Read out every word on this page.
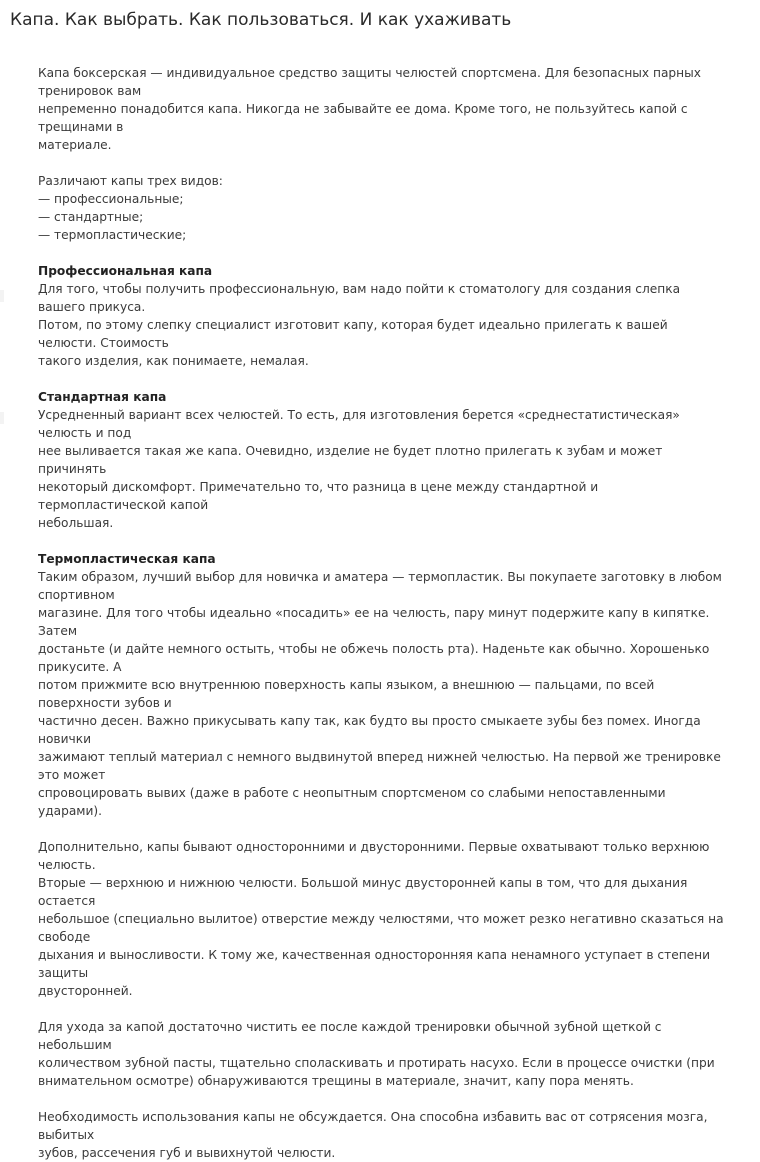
Капа. Как выбрать. Как пользоваться. И как ухаживать

Капа боксерская — индивидуальное средство защиты челюстей спортсмена. Для безопасных парных тренировок вам
непременно понадобится капа. Никогда не забывайте ее дома. Кроме того, не пользуйтесь капой с трещинами в
материале.

Различают капы трех видов:
— профессиональные;
— стандартные;
— термопластические;

Профессиональная капа
Для того, чтобы получить профессиональную, вам надо пойти к стоматологу для создания слепка вашего прикуса.
Потом, по этому слепку специалист изготовит капу, которая будет идеально прилегать к вашей челюсти. Стоимость
такого изделия, как понимаете, немалая.

Стандартная капа
Усредненный вариант всех челюстей. То есть, для изготовления берется «среднестатистическая» челюсть и под
нее выливается такая же капа. Очевидно, изделие не будет плотно прилегать к зубам и может причинять
некоторый дискомфорт. Примечательно то, что разница в цене между стандартной и термопластической капой
небольшая.

Термопластическая капа
Таким образом, лучший выбор для новичка и аматера — термопластик. Вы покупаете заготовку в любом спортивном
магазине. Для того чтобы идеально «посадить» ее на челюсть, пару минут подержите капу в кипятке. Затем
достаньте (и дайте немного остыть, чтобы не обжечь полость рта). Наденьте как обычно. Хорошенько прикусите. А
потом прижмите всю внутреннюю поверхность капы языком, а внешнюю — пальцами, по всей поверхности зубов и
частично десен. Важно прикусывать капу так, как будто вы просто смыкаете зубы без помех. Иногда новички
зажимают теплый материал с немного выдвинутой вперед нижней челюстью. На первой же тренировке это может
спровоцировать вывих (даже в работе с неопытным спортсменом со слабыми непоставленными ударами).

Дополнительно, капы бывают односторонними и двусторонними. Первые охватывают только верхнюю челюсть.
Вторые — верхнюю и нижнюю челюсти. Большой минус двусторонней капы в том, что для дыхания остается
небольшое (специально вылитое) отверстие между челюстями, что может резко негативно сказаться на свободе
дыхания и выносливости. К тому же, качественная односторонняя капа ненамного уступает в степени защиты
двусторонней.

Для ухода за капой достаточно чистить ее после каждой тренировки обычной зубной щеткой с небольшим
количеством зубной пасты, тщательно споласкивать и протирать насухо. Если в процессе очистки (при
внимательном осмотре) обнаруживаются трещины в материале, значит, капу пора менять.

Необходимость использования капы не обсуждается. Она способна избавить вас от сотрясения мозга, выбитых
зубов, рассечения губ и вывихнутой челюсти.
